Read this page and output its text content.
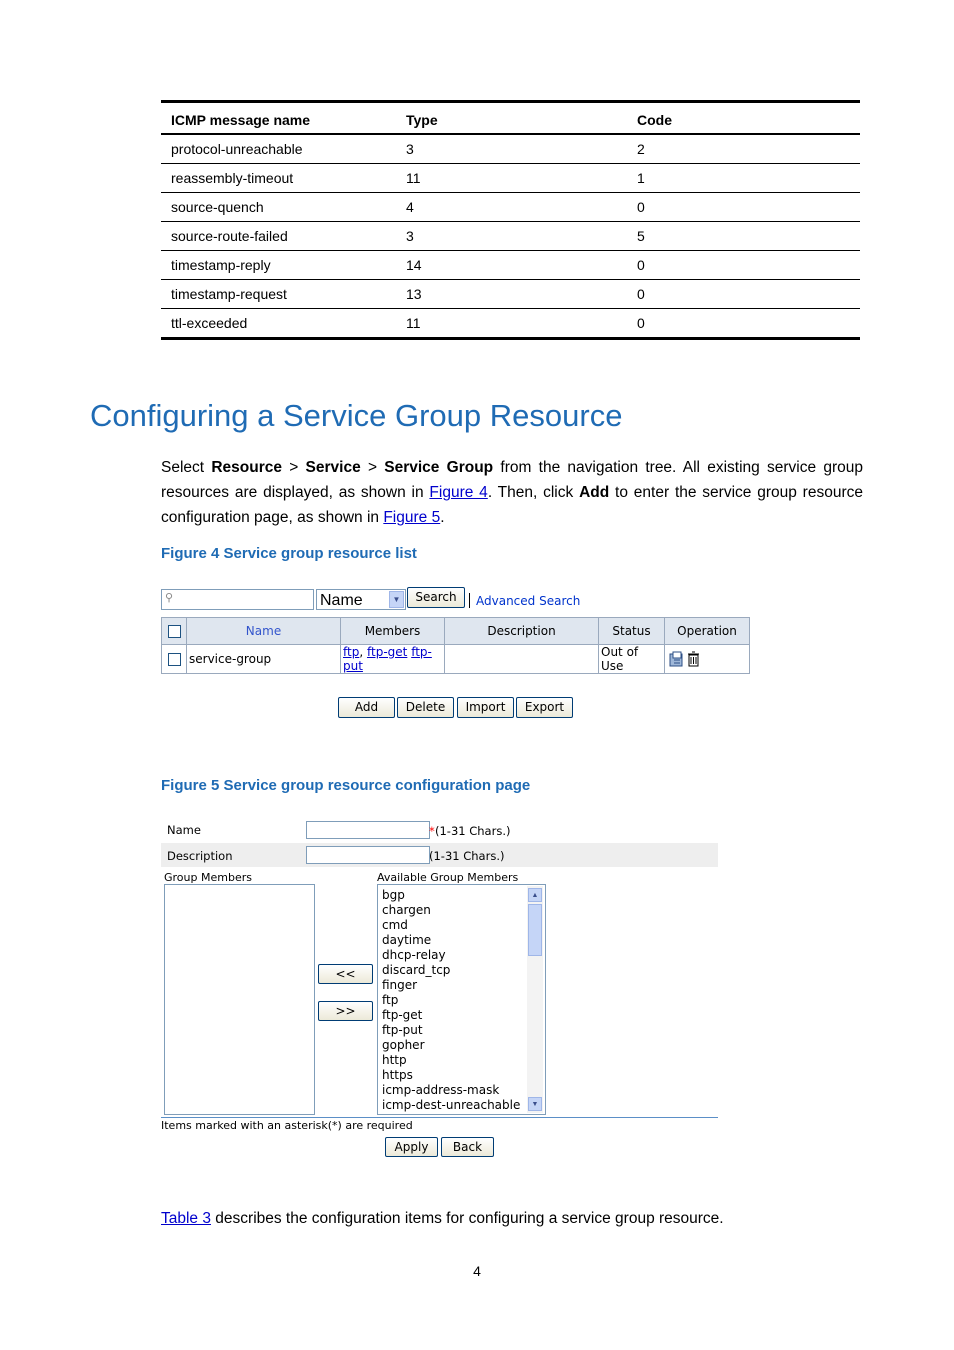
ICMP message name	Type	Code
protocol-unreachable	3	2
reassembly-timeout	11	1
source-quench	4	0
source-route-failed	3	5
timestamp-reply	14	0
timestamp-request	13	0
ttl-exceeded	11	0
Configuring a Service Group Resource

Select Resource > Service > Service Group from the navigation tree. All existing service group resources are displayed, as shown in Figure 4. Then, click Add to enter the service group resource configuration page, as shown in Figure 5.

Figure 4 Service group resource list

⚲	Name	▼	Search	Advanced Search
	Name	Members	Description	Status	Operation
	service-group	ftp, ftp-get ftp-put		Out of Use	
Add	Delete	Import	Export

Figure 5 Service group resource configuration page

Name	* (1-31 Chars.)
Description	(1-31 Chars.)
Group Members	Available Group Members
bgp
chargen
cmd
daytime
dhcp-relay
discard_tcp
finger
ftp
ftp-get
ftp-put
gopher
http
https
icmp-address-mask
icmp-dest-unreachable
▲
▼
<<
>>
Items marked with an asterisk(*) are required
Apply	Back

Table 3 describes the configuration items for configuring a service group resource.

4
